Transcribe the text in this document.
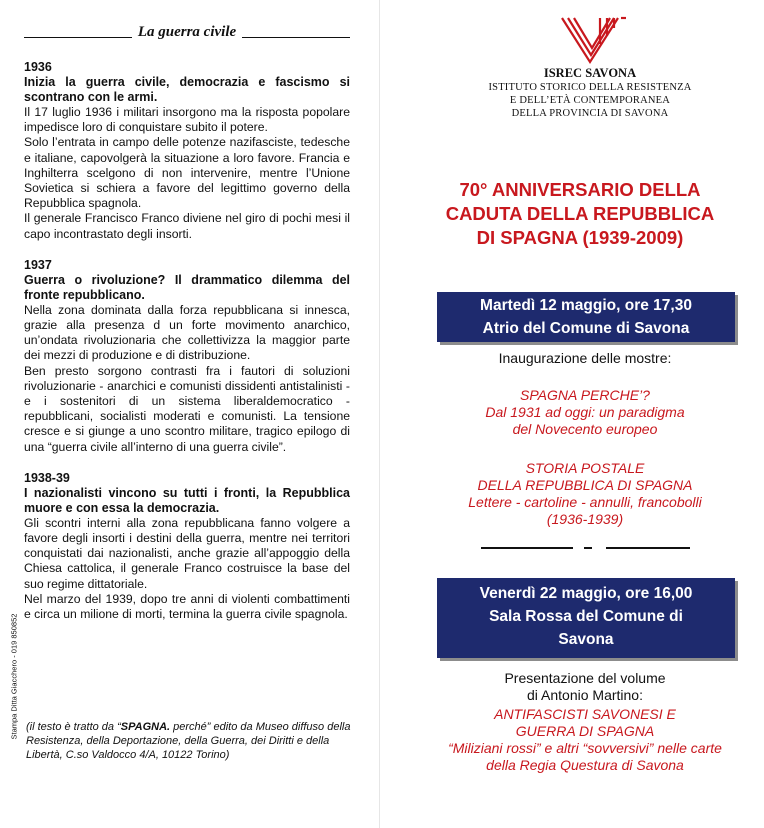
La guerra civile
1936
Inizia la guerra civile, democrazia e fascismo si scontrano con le armi.

Il 17 luglio 1936 i militari insorgono ma la risposta popolare impedisce loro di conquistare subito il potere.

Solo l’entrata in campo delle potenze nazifasciste, tedesche e italiane, capovolgerà la situazione a loro favore. Francia e Inghilterra scelgono di non intervenire, mentre l’Unione Sovietica si schiera a favore del legittimo governo della Repubblica spagnola.

Il generale Francisco Franco diviene nel giro di pochi mesi il capo incontrastato degli insorti.

1937
Guerra o rivoluzione? Il drammatico dilemma del fronte repubblicano.

Nella zona dominata dalla forza repubblicana si innesca, grazie alla presenza d un forte movimento anarchico, un’ondata rivoluzionaria che collettivizza la maggior parte dei mezzi di produzione e di distribuzione.

Ben presto sorgono contrasti fra i fautori di soluzioni rivoluzionarie - anarchici e comunisti dissidenti antistalinisti - e i sostenitori di un sistema liberaldemocratico - repubblicani, socialisti moderati e comunisti. La tensione cresce e si giunge a uno scontro militare, tragico epilogo di una “guerra civile all’interno di una guerra civile”.

1938-39
I nazionalisti vincono su tutti i fronti, la Repubblica muore e con essa la democrazia.

Gli scontri interni alla zona repubblicana fanno volgere a favore degli insorti i destini della guerra, mentre nei territori conquistati dai nazionalisti, anche grazie all’appoggio della Chiesa cattolica, il generale Franco costruisce la base del suo regime dittatoriale.

Nel marzo del 1939, dopo tre anni di violenti combattimenti e circa un milione di morti, termina la guerra civile spagnola.

(il testo è tratto da “SPAGNA. perché” edito da Museo diffuso della Resistenza, della Deportazione, della Guerra, dei Diritti e della Libertà, C.so Valdocco 4/A, 10122 Torino)
Stampa Ditta Giacchero - 019 850852
ISREC SAVONA
ISTITUTO STORICO DELLA RESISTENZA
E DELL’ETÀ CONTEMPORANEA
DELLA PROVINCIA DI SAVONA
70° ANNIVERSARIO DELLA
CADUTA DELLA REPUBBLICA
DI SPAGNA (1939-2009)
Martedì 12 maggio, ore 17,30
Atrio del Comune di Savona
Inaugurazione delle mostre:
SPAGNA PERCHE’?
Dal 1931 ad oggi: un paradigma
del Novecento europeo
STORIA POSTALE
DELLA REPUBBLICA DI SPAGNA
Lettere - cartoline - annulli, francobolli
(1936-1939)
Venerdì 22 maggio, ore 16,00
Sala Rossa del Comune di
Savona
Presentazione del volume
di Antonio Martino:
ANTIFASCISTI SAVONESI E
GUERRA DI SPAGNA
“Miliziani rossi” e altri “sovversivi” nelle carte
della Regia Questura di Savona
